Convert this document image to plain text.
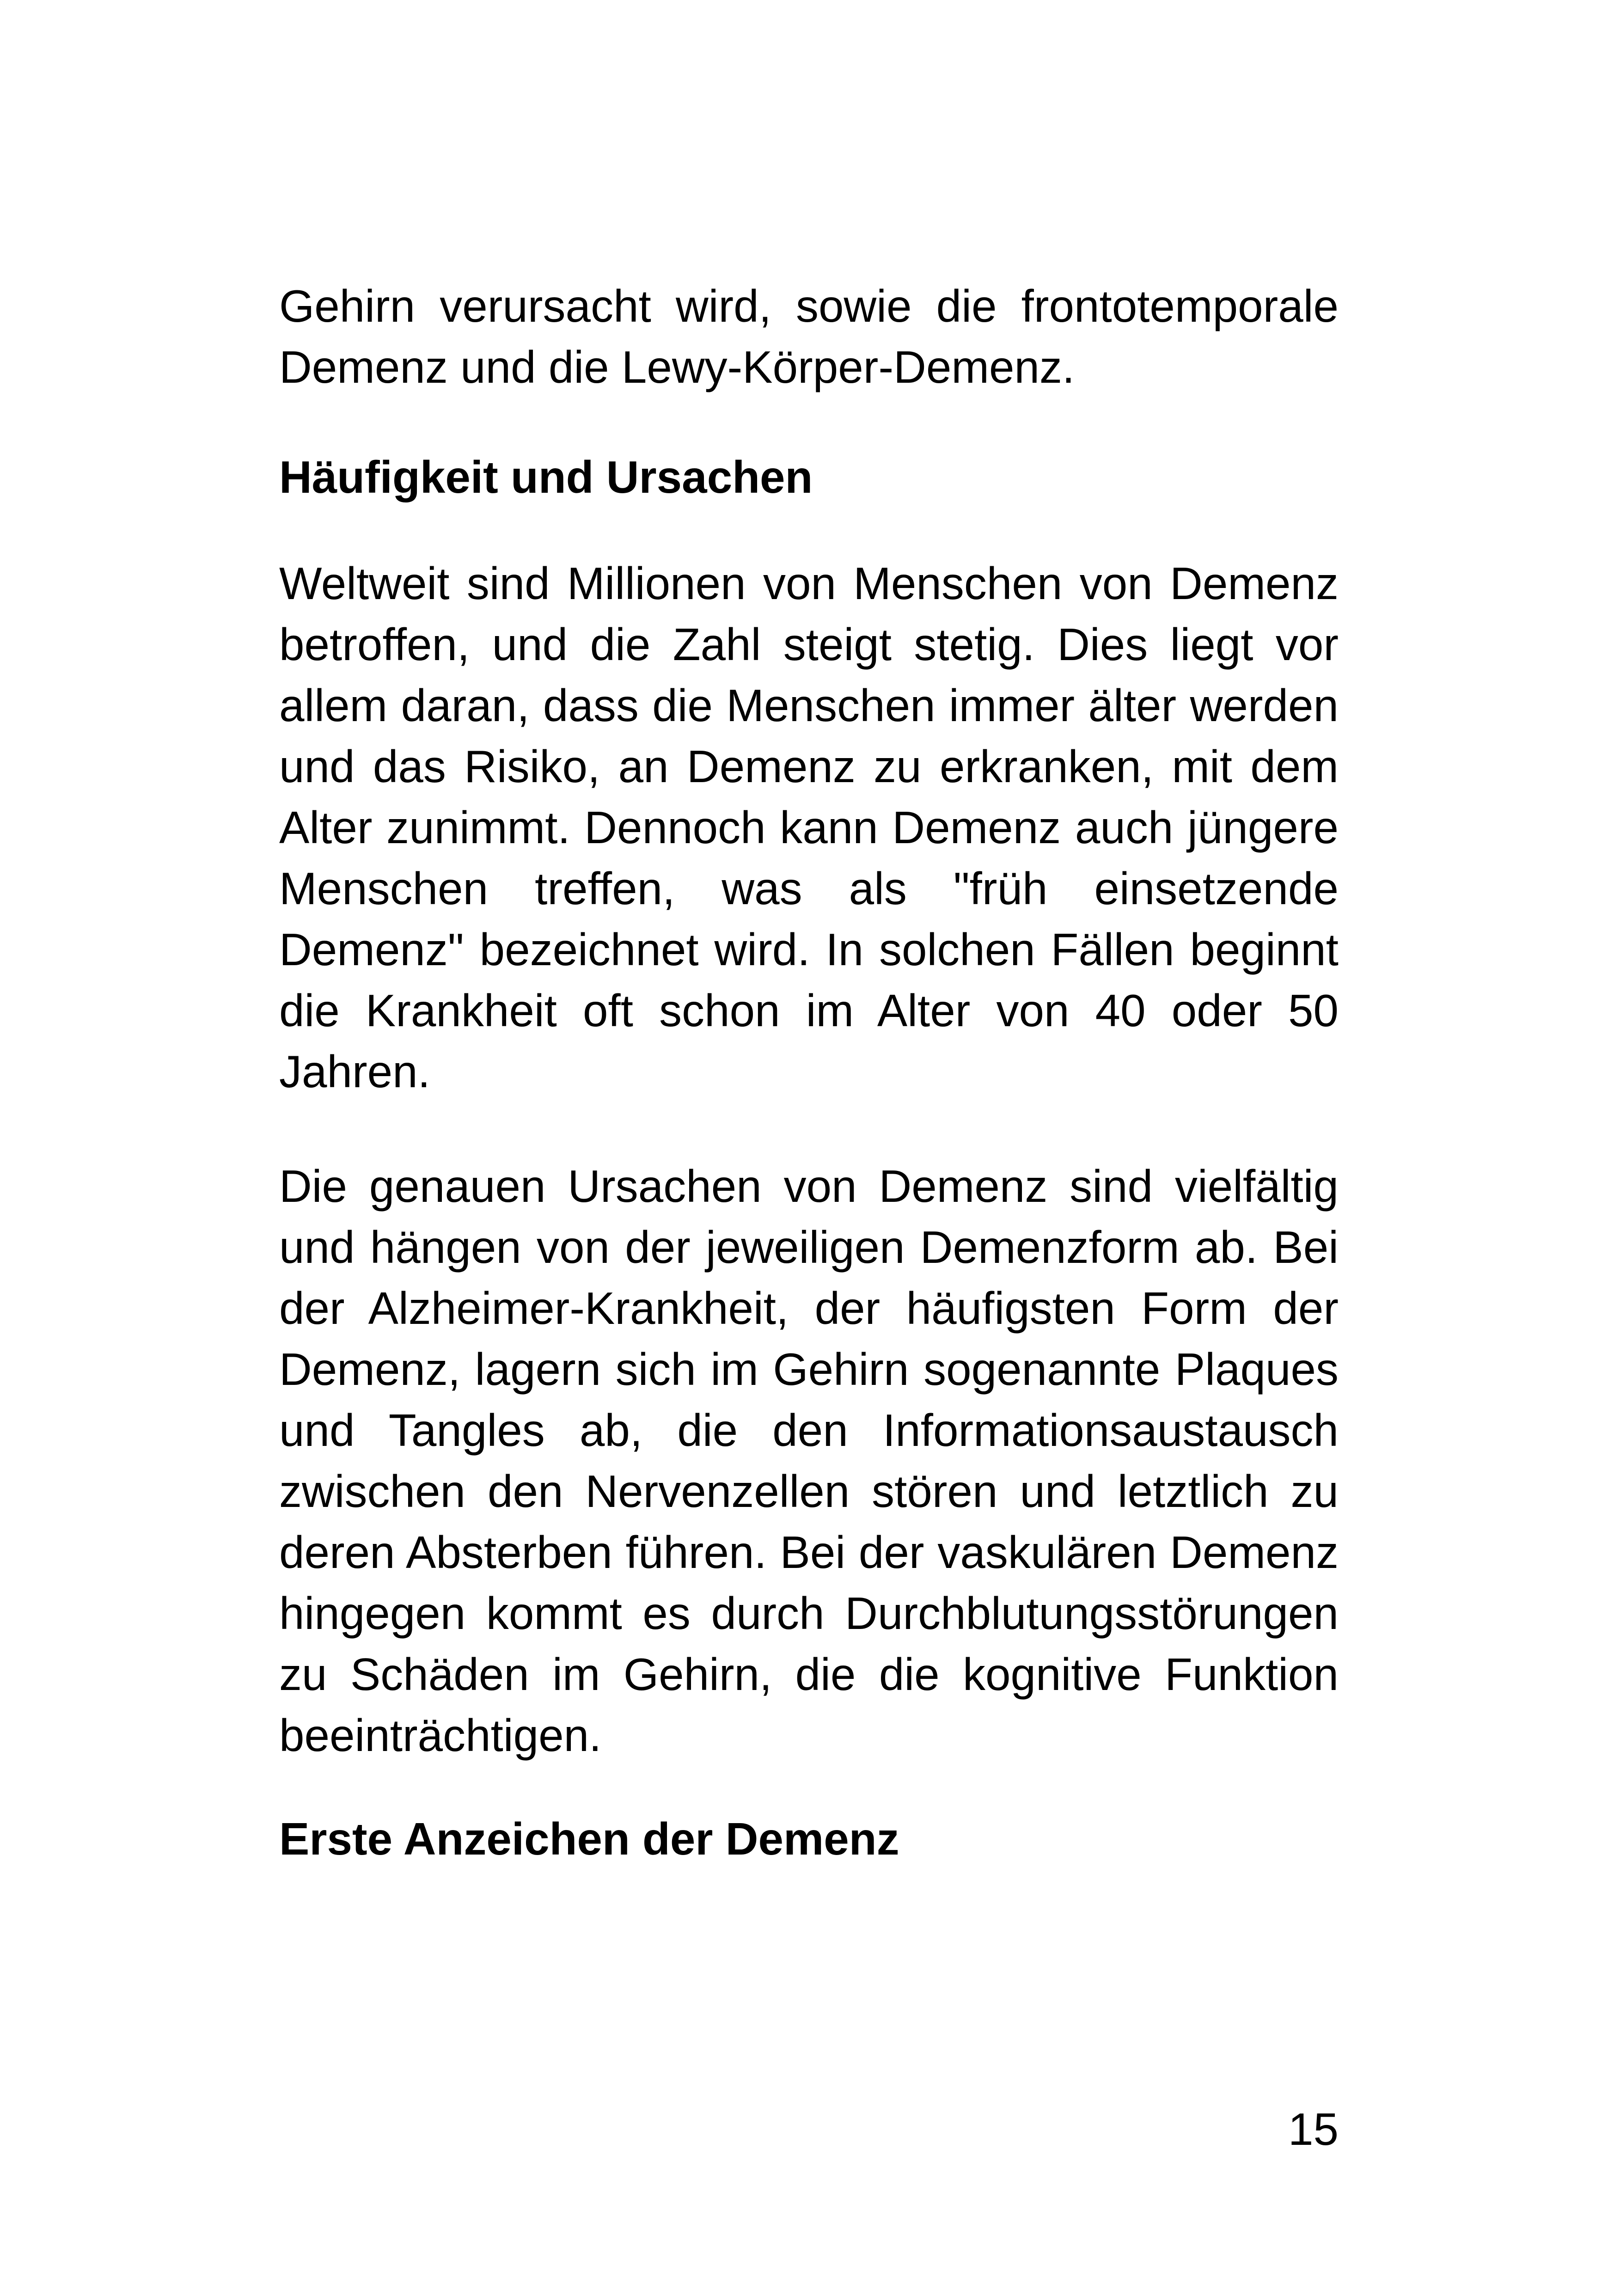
Gehirn verursacht wird, sowie die frontotemporale Demenz und die Lewy-Körper-Demenz.

Häufigkeit und Ursachen

Weltweit sind Millionen von Menschen von Demenz betroffen, und die Zahl steigt stetig. Dies liegt vor allem daran, dass die Menschen immer älter werden und das Risiko, an Demenz zu erkranken, mit dem Alter zunimmt. Dennoch kann Demenz auch jüngere Menschen treffen, was als "früh einsetzende Demenz" bezeichnet wird. In solchen Fällen beginnt die Krankheit oft schon im Alter von 40 oder 50 Jahren.

Die genauen Ursachen von Demenz sind vielfältig und hängen von der jeweiligen Demenzform ab. Bei der Alzheimer-Krankheit, der häufigsten Form der Demenz, lagern sich im Gehirn sogenannte Plaques und Tangles ab, die den Informationsaustausch zwischen den Nervenzellen stören und letztlich zu deren Absterben führen. Bei der vaskulären Demenz hingegen kommt es durch Durchblutungsstörungen zu Schäden im Gehirn, die die kognitive Funktion beeinträchtigen.

Erste Anzeichen der Demenz
15
